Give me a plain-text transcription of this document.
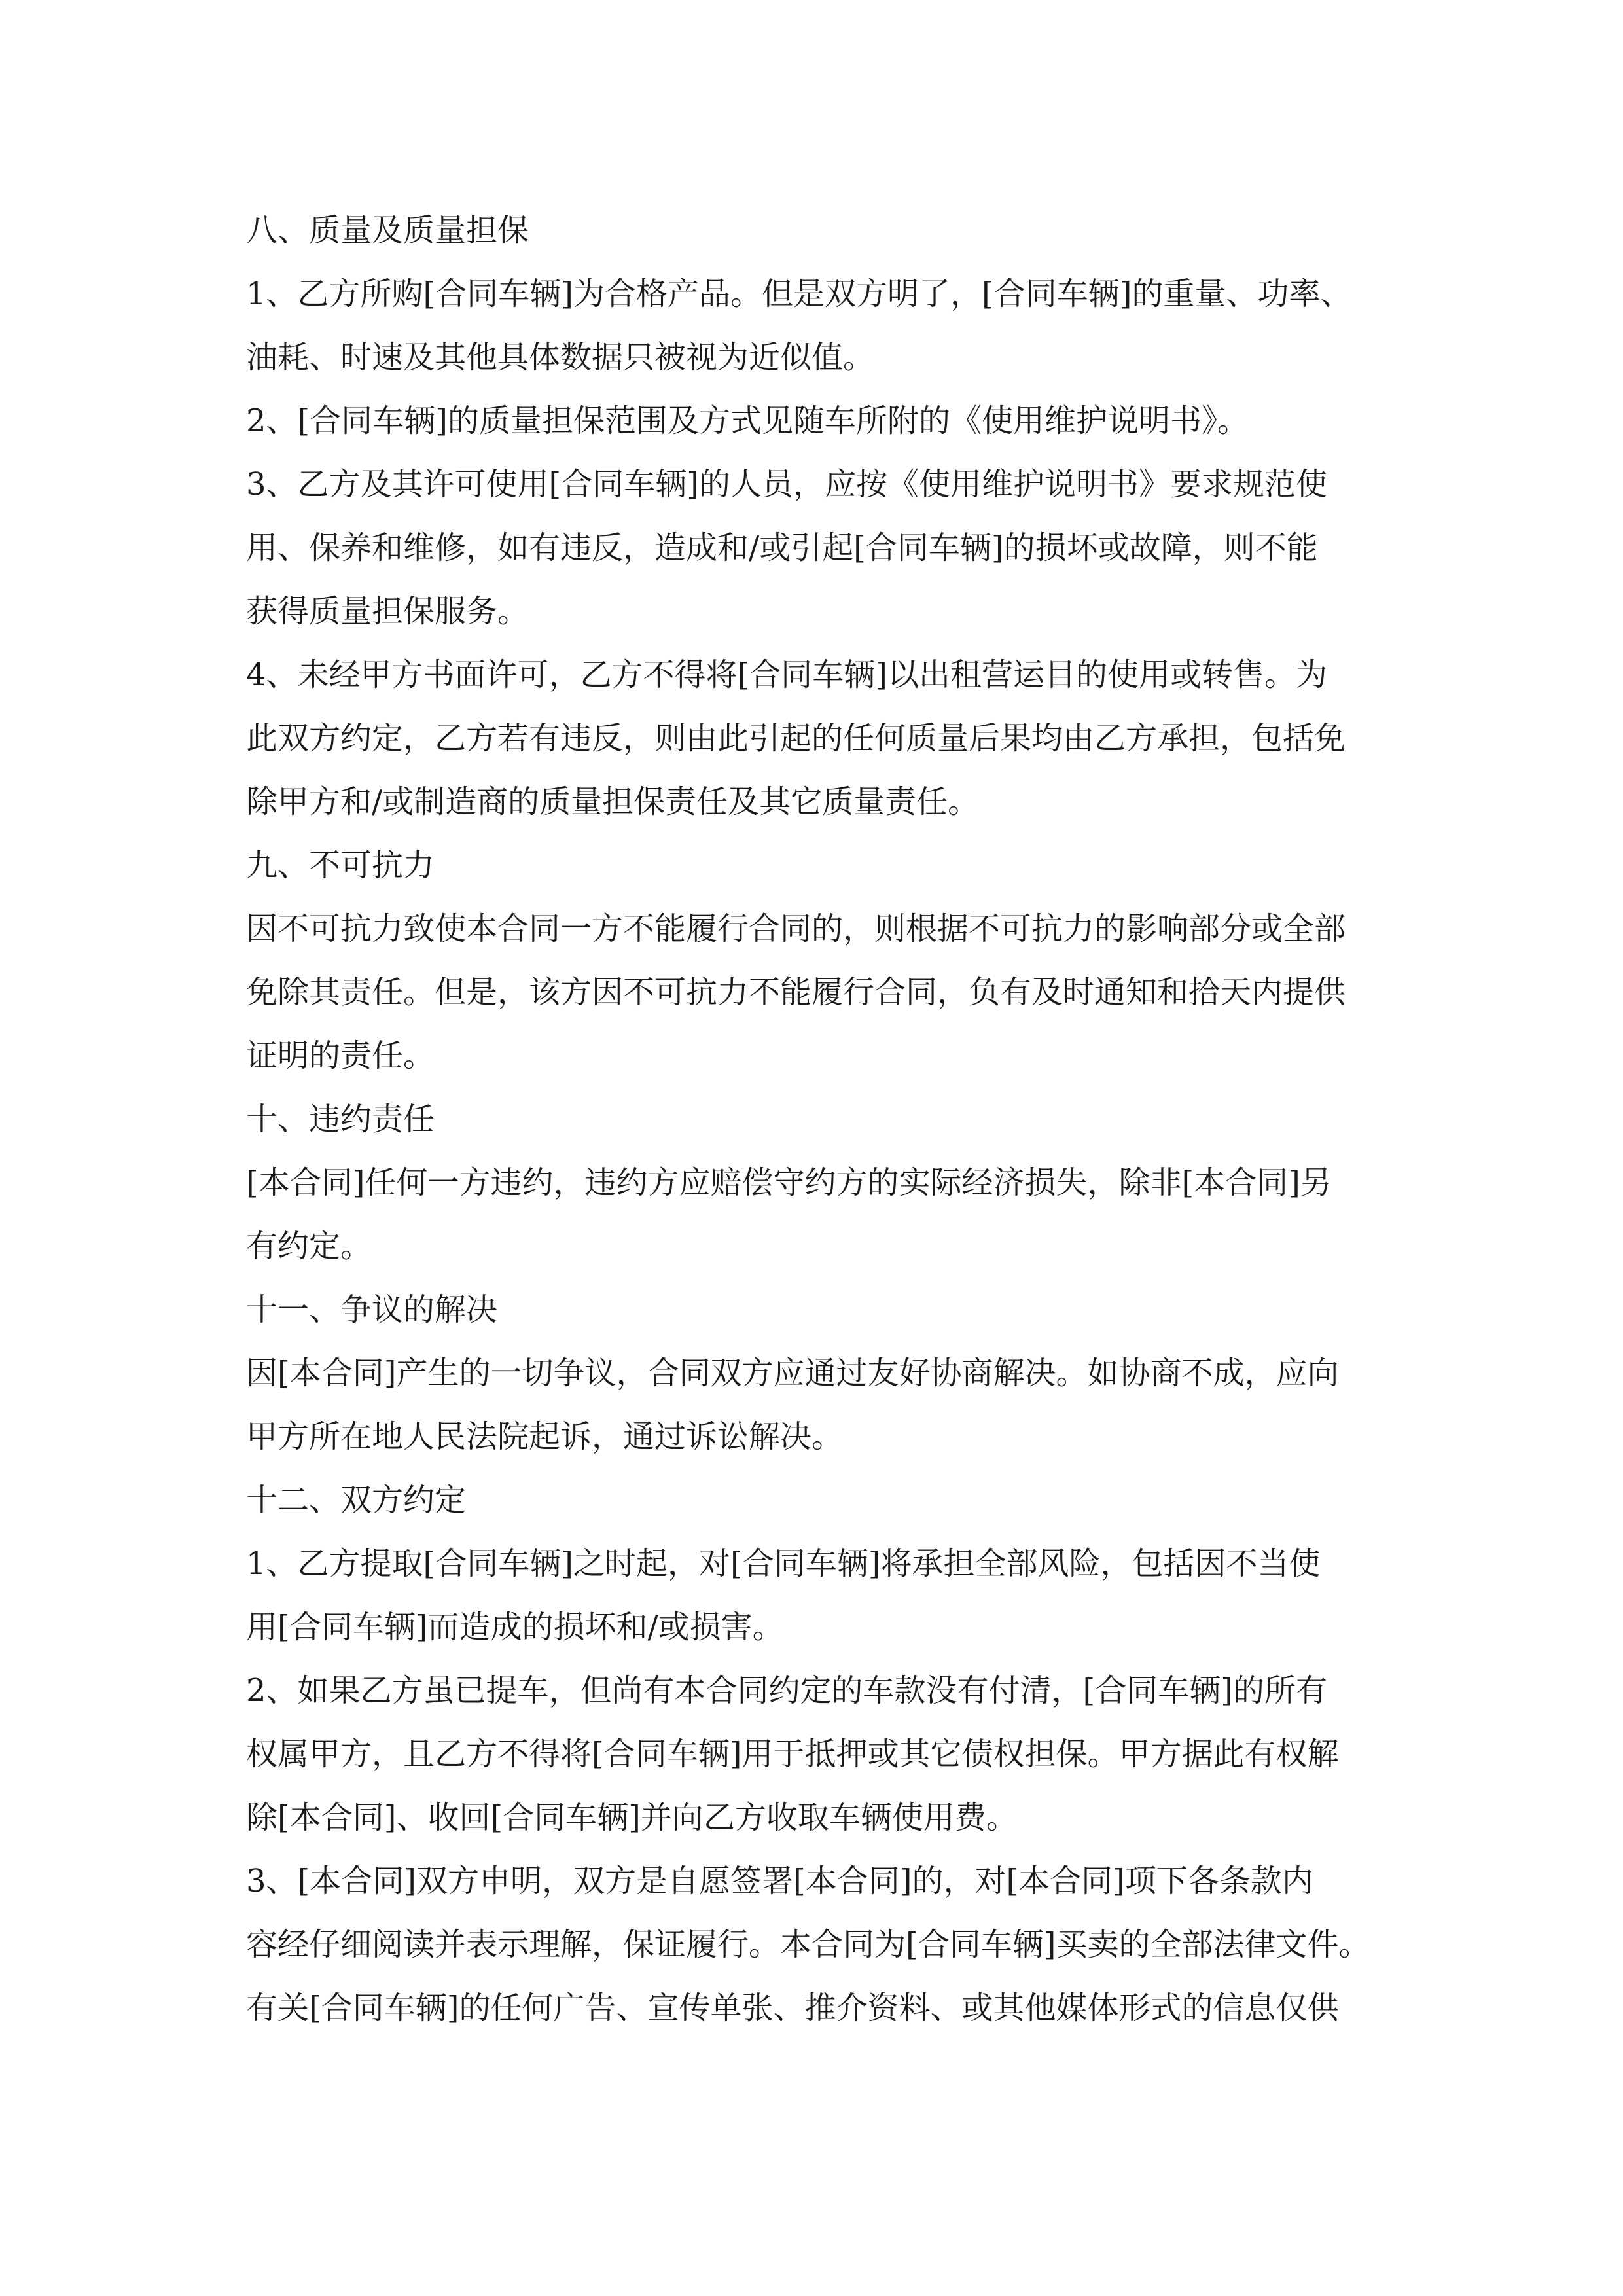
八、质量及质量担保
1、乙方所购[合同车辆]为合格产品。但是双方明了，[合同车辆]的重量、功率、
油耗、时速及其他具体数据只被视为近似值。
2、[合同车辆]的质量担保范围及方式见随车所附的《使用维护说明书》。
3、乙方及其许可使用[合同车辆]的人员，应按《使用维护说明书》要求规范使
用、保养和维修，如有违反，造成和/或引起[合同车辆]的损坏或故障，则不能
获得质量担保服务。
4、未经甲方书面许可，乙方不得将[合同车辆]以出租营运目的使用或转售。为
此双方约定，乙方若有违反，则由此引起的任何质量后果均由乙方承担，包括免
除甲方和/或制造商的质量担保责任及其它质量责任。
九、不可抗力
因不可抗力致使本合同一方不能履行合同的，则根据不可抗力的影响部分或全部
免除其责任。但是，该方因不可抗力不能履行合同，负有及时通知和拾天内提供
证明的责任。
十、违约责任
[本合同]任何一方违约，违约方应赔偿守约方的实际经济损失，除非[本合同]另
有约定。
十一、争议的解决
因[本合同]产生的一切争议，合同双方应通过友好协商解决。如协商不成，应向
甲方所在地人民法院起诉，通过诉讼解决。
十二、双方约定
1、乙方提取[合同车辆]之时起，对[合同车辆]将承担全部风险，包括因不当使
用[合同车辆]而造成的损坏和/或损害。
2、如果乙方虽已提车，但尚有本合同约定的车款没有付清，[合同车辆]的所有
权属甲方，且乙方不得将[合同车辆]用于抵押或其它债权担保。甲方据此有权解
除[本合同]、收回[合同车辆]并向乙方收取车辆使用费。
3、[本合同]双方申明，双方是自愿签署[本合同]的，对[本合同]项下各条款内
容经仔细阅读并表示理解，保证履行。本合同为[合同车辆]买卖的全部法律文件。
有关[合同车辆]的任何广告、宣传单张、推介资料、或其他媒体形式的信息仅供
